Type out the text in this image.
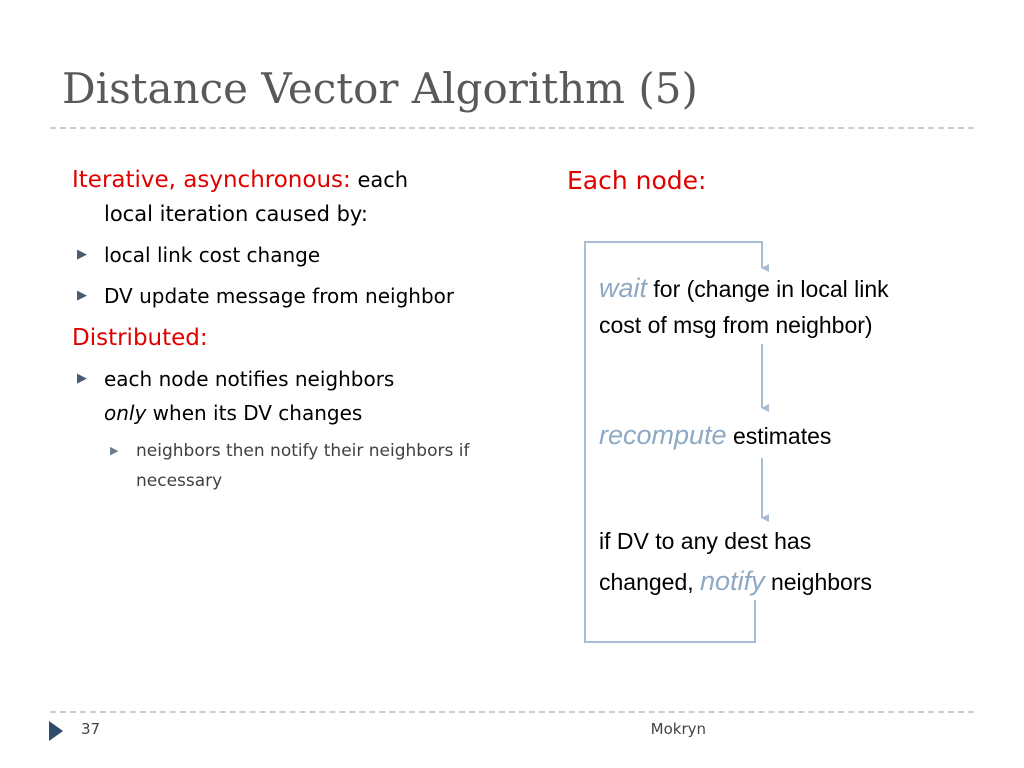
Distance Vector Algorithm (5)
Iterative, asynchronous: each
local iteration caused by:
▶ local link cost change
▶ DV update message from neighbor
Distributed:
▶ each node notifies neighbors
only when its DV changes
▶ neighbors then notify their neighbors if necessary
Each node:
wait for (change in local link
cost of msg from neighbor)
recompute estimates
if DV to any dest has
changed, notify neighbors
37	Mokryn
